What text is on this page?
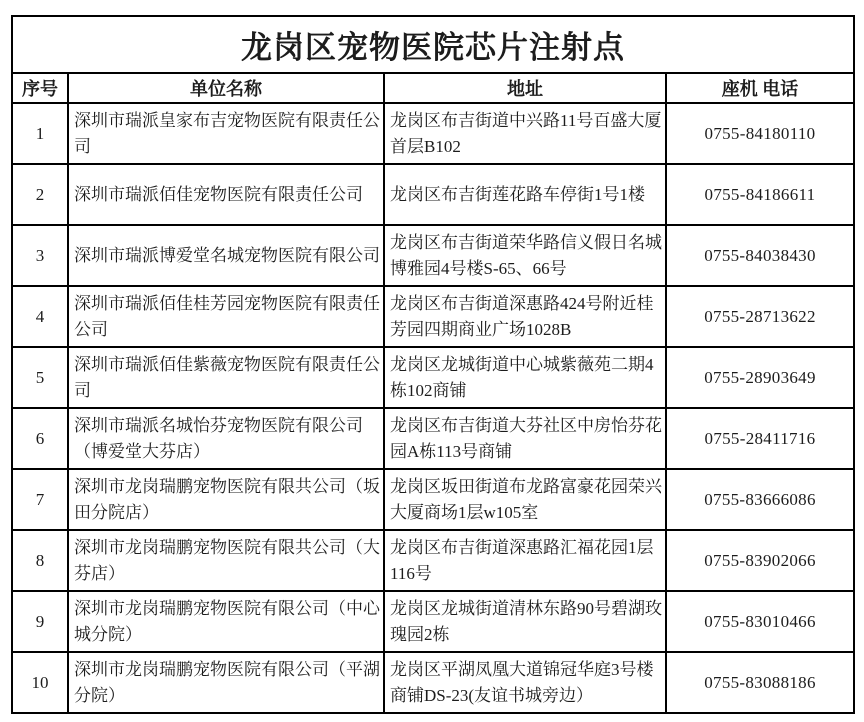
龙岗区宠物医院芯片注射点			
序号	单位名称	地址	座机 电话
1	深圳市瑞派皇家布吉宠物医院有限责任公司	龙岗区布吉街道中兴路11号百盛大厦首层B102	0755-84180110
2	深圳市瑞派佰佳宠物医院有限责任公司	龙岗区布吉街莲花路车停街1号1楼	0755-84186611
3	深圳市瑞派博爱堂名城宠物医院有限公司	龙岗区布吉街道荣华路信义假日名城博雅园4号楼S-65、66号	0755-84038430
4	深圳市瑞派佰佳桂芳园宠物医院有限责任公司	龙岗区布吉街道深惠路424号附近桂芳园四期商业广场1028B	0755-28713622
5	深圳市瑞派佰佳紫薇宠物医院有限责任公司	龙岗区龙城街道中心城紫薇苑二期4栋102商铺	0755-28903649
6	深圳市瑞派名城怡芬宠物医院有限公司（博爱堂大芬店）	龙岗区布吉街道大芬社区中房怡芬花园A栋113号商铺	0755-28411716
7	深圳市龙岗瑞鹏宠物医院有限共公司（坂田分院店）	龙岗区坂田街道布龙路富豪花园荣兴大厦商场1层w105室	0755-83666086
8	深圳市龙岗瑞鹏宠物医院有限共公司（大芬店）	龙岗区布吉街道深惠路汇福花园1层116号	0755-83902066
9	深圳市龙岗瑞鹏宠物医院有限公司（中心城分院）	龙岗区龙城街道清林东路90号碧湖玫瑰园2栋	0755-83010466
10	深圳市龙岗瑞鹏宠物医院有限公司（平湖分院）	龙岗区平湖凤凰大道锦冠华庭3号楼商铺DS-23(友谊书城旁边）	0755-83088186
